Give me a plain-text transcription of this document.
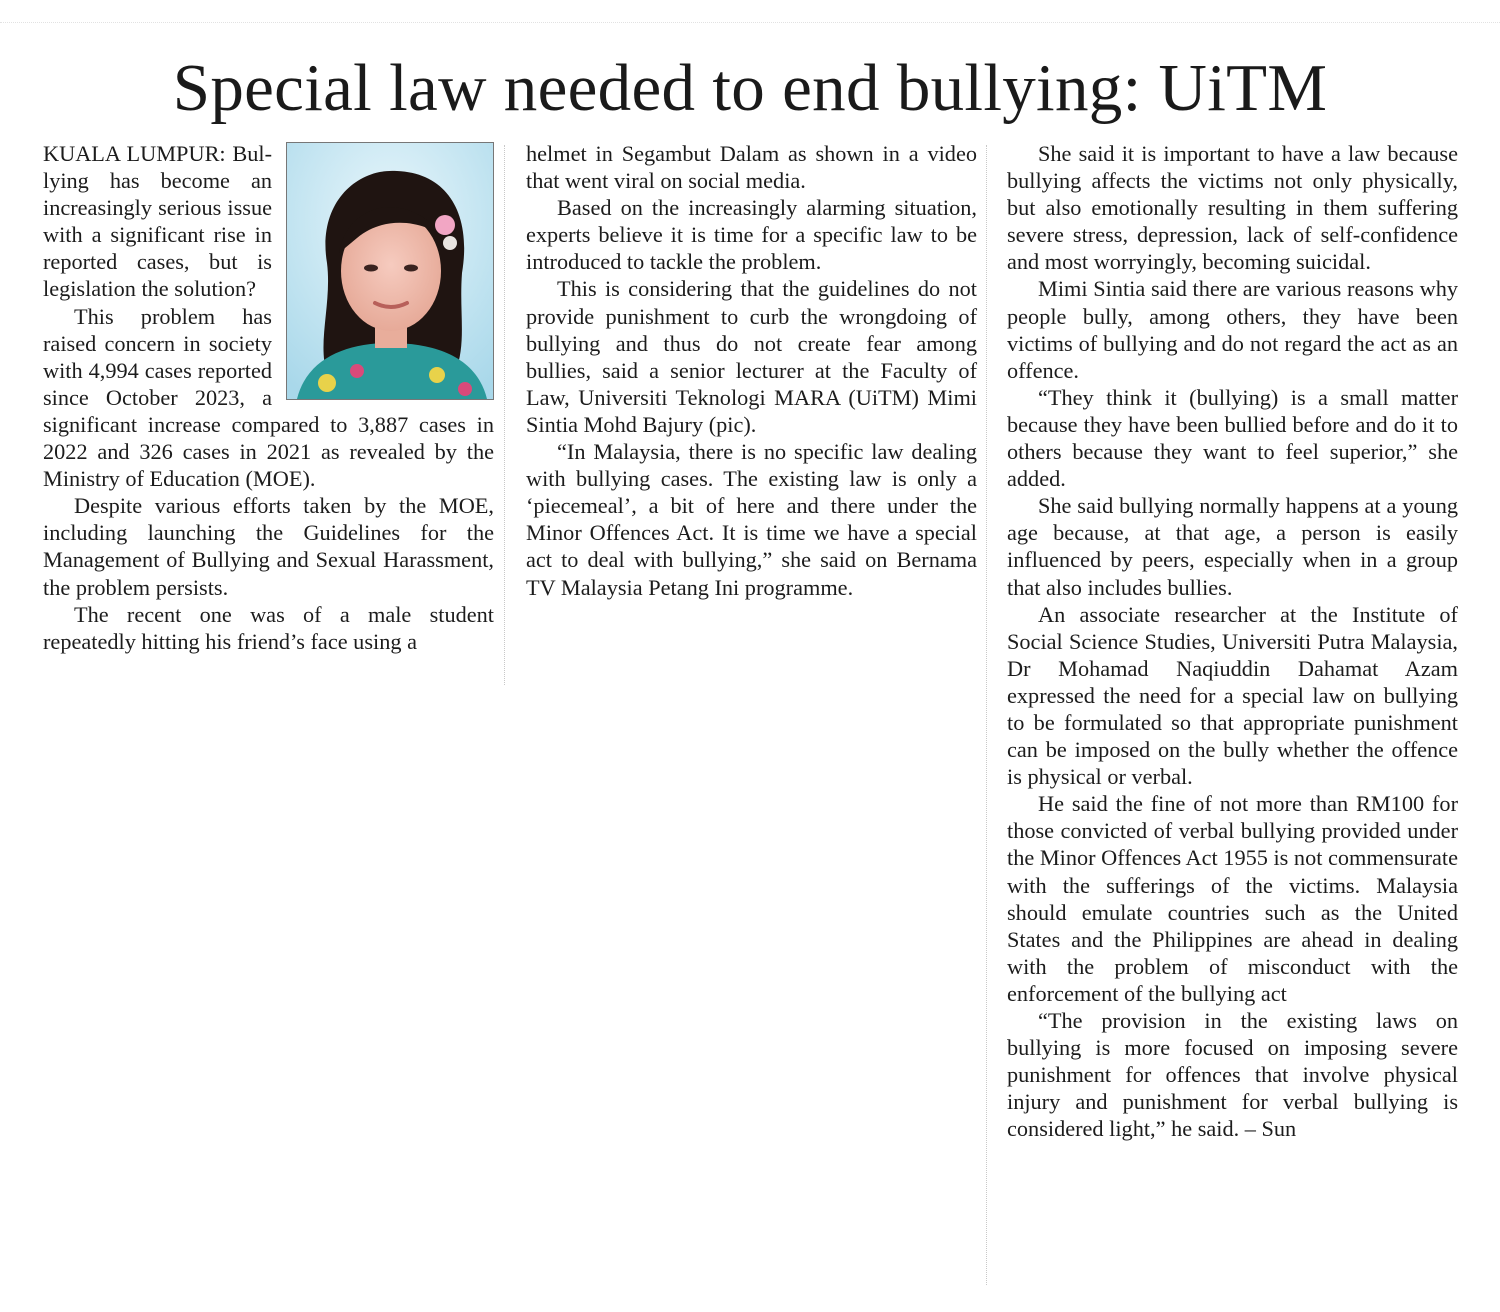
Special law needed to end bullying: UiTM

KUALA LUMPUR: Bullying has become an increasingly serious issue with a significant rise in reported cases, but is legislation the solution?

This problem has raised concern in society with 4,994 cases reported since October 2023, a significant increase compared to 3,887 cases in 2022 and 326 cases in 2021 as revealed by the Ministry of Education (MOE).

Despite various efforts taken by the MOE, including launching the Guidelines for the Management of Bullying and Sexual Harassment, the problem persists.

The recent one was of a male student repeatedly hitting his friend’s face using a

helmet in Segambut Dalam as shown in a video that went viral on social media.

Based on the increasingly alarming situation, experts believe it is time for a specific law to be introduced to tackle the problem.

This is considering that the guidelines do not provide punishment to curb the wrongdoing of bullying and thus do not create fear among bullies, said a senior lecturer at the Faculty of Law, Universiti Teknologi MARA (UiTM) Mimi Sintia Mohd Bajury (pic).

“In Malaysia, there is no specific law dealing with bullying cases. The existing law is only a ‘piecemeal’, a bit of here and there under the Minor Offences Act. It is time we have a special act to deal with bullying,” she said on Bernama TV Malaysia Petang Ini programme.

She said it is important to have a law because bullying affects the victims not only physically, but also emotionally resulting in them suffering severe stress, depression, lack of self-confidence and most worryingly, becoming suicidal.

Mimi Sintia said there are various reasons why people bully, among others, they have been victims of bullying and do not regard the act as an offence.

“They think it (bullying) is a small matter because they have been bullied before and do it to others because they want to feel superior,” she added.

She said bullying normally happens at a young age because, at that age, a person is easily influenced by peers, especially when in a group that also includes bullies.

An associate researcher at the Institute of Social Science Studies, Universiti Putra Malaysia, Dr Mohamad Naqiuddin Dahamat Azam expressed the need for a special law on bullying to be formulated so that appropriate punishment can be imposed on the bully whether the offence is physical or verbal.

He said the fine of not more than RM100 for those convicted of verbal bullying provided under the Minor Offences Act 1955 is not commensurate with the sufferings of the victims. Malaysia should emulate countries such as the United States and the Philippines are ahead in dealing with the problem of misconduct with the enforcement of the bullying act

“The provision in the existing laws on bullying is more focused on imposing severe punishment for offences that involve physical injury and punishment for verbal bullying is considered light,” he said. – Sun
